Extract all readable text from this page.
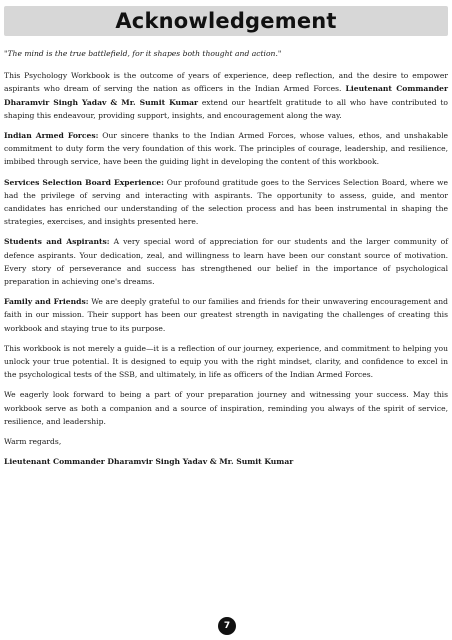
Acknowledgement

"The mind is the true battlefield, for it shapes both thought and action."

This Psychology Workbook is the outcome of years of experience, deep reflection, and the desire to empower aspirants who dream of serving the nation as officers in the Indian Armed Forces. Lieutenant Commander Dharamvir Singh Yadav & Mr. Sumit Kumar extend our heartfelt gratitude to all who have contributed to shaping this endeavour, providing support, insights, and encouragement along the way.

Indian Armed Forces: Our sincere thanks to the Indian Armed Forces, whose values, ethos, and unshakable commitment to duty form the very foundation of this work. The principles of courage, leadership, and resilience, imbibed through service, have been the guiding light in developing the content of this workbook.

Services Selection Board Experience: Our profound gratitude goes to the Services Selection Board, where we had the privilege of serving and interacting with aspirants. The opportunity to assess, guide, and mentor candidates has enriched our understanding of the selection process and has been instrumental in shaping the strategies, exercises, and insights presented here.

Students and Aspirants: A very special word of appreciation for our students and the larger community of defence aspirants. Your dedication, zeal, and willingness to learn have been our constant source of motivation. Every story of perseverance and success has strengthened our belief in the importance of psychological preparation in achieving one's dreams.

Family and Friends: We are deeply grateful to our families and friends for their unwavering encouragement and faith in our mission. Their support has been our greatest strength in navigating the challenges of creating this workbook and staying true to its purpose.

This workbook is not merely a guide—it is a reflection of our journey, experience, and commitment to helping you unlock your true potential. It is designed to equip you with the right mindset, clarity, and confidence to excel in the psychological tests of the SSB, and ultimately, in life as officers of the Indian Armed Forces.

We eagerly look forward to being a part of your preparation journey and witnessing your success. May this workbook serve as both a companion and a source of inspiration, reminding you always of the spirit of service, resilience, and leadership.

Warm regards,

Lieutenant Commander Dharamvir Singh Yadav & Mr. Sumit Kumar

7
